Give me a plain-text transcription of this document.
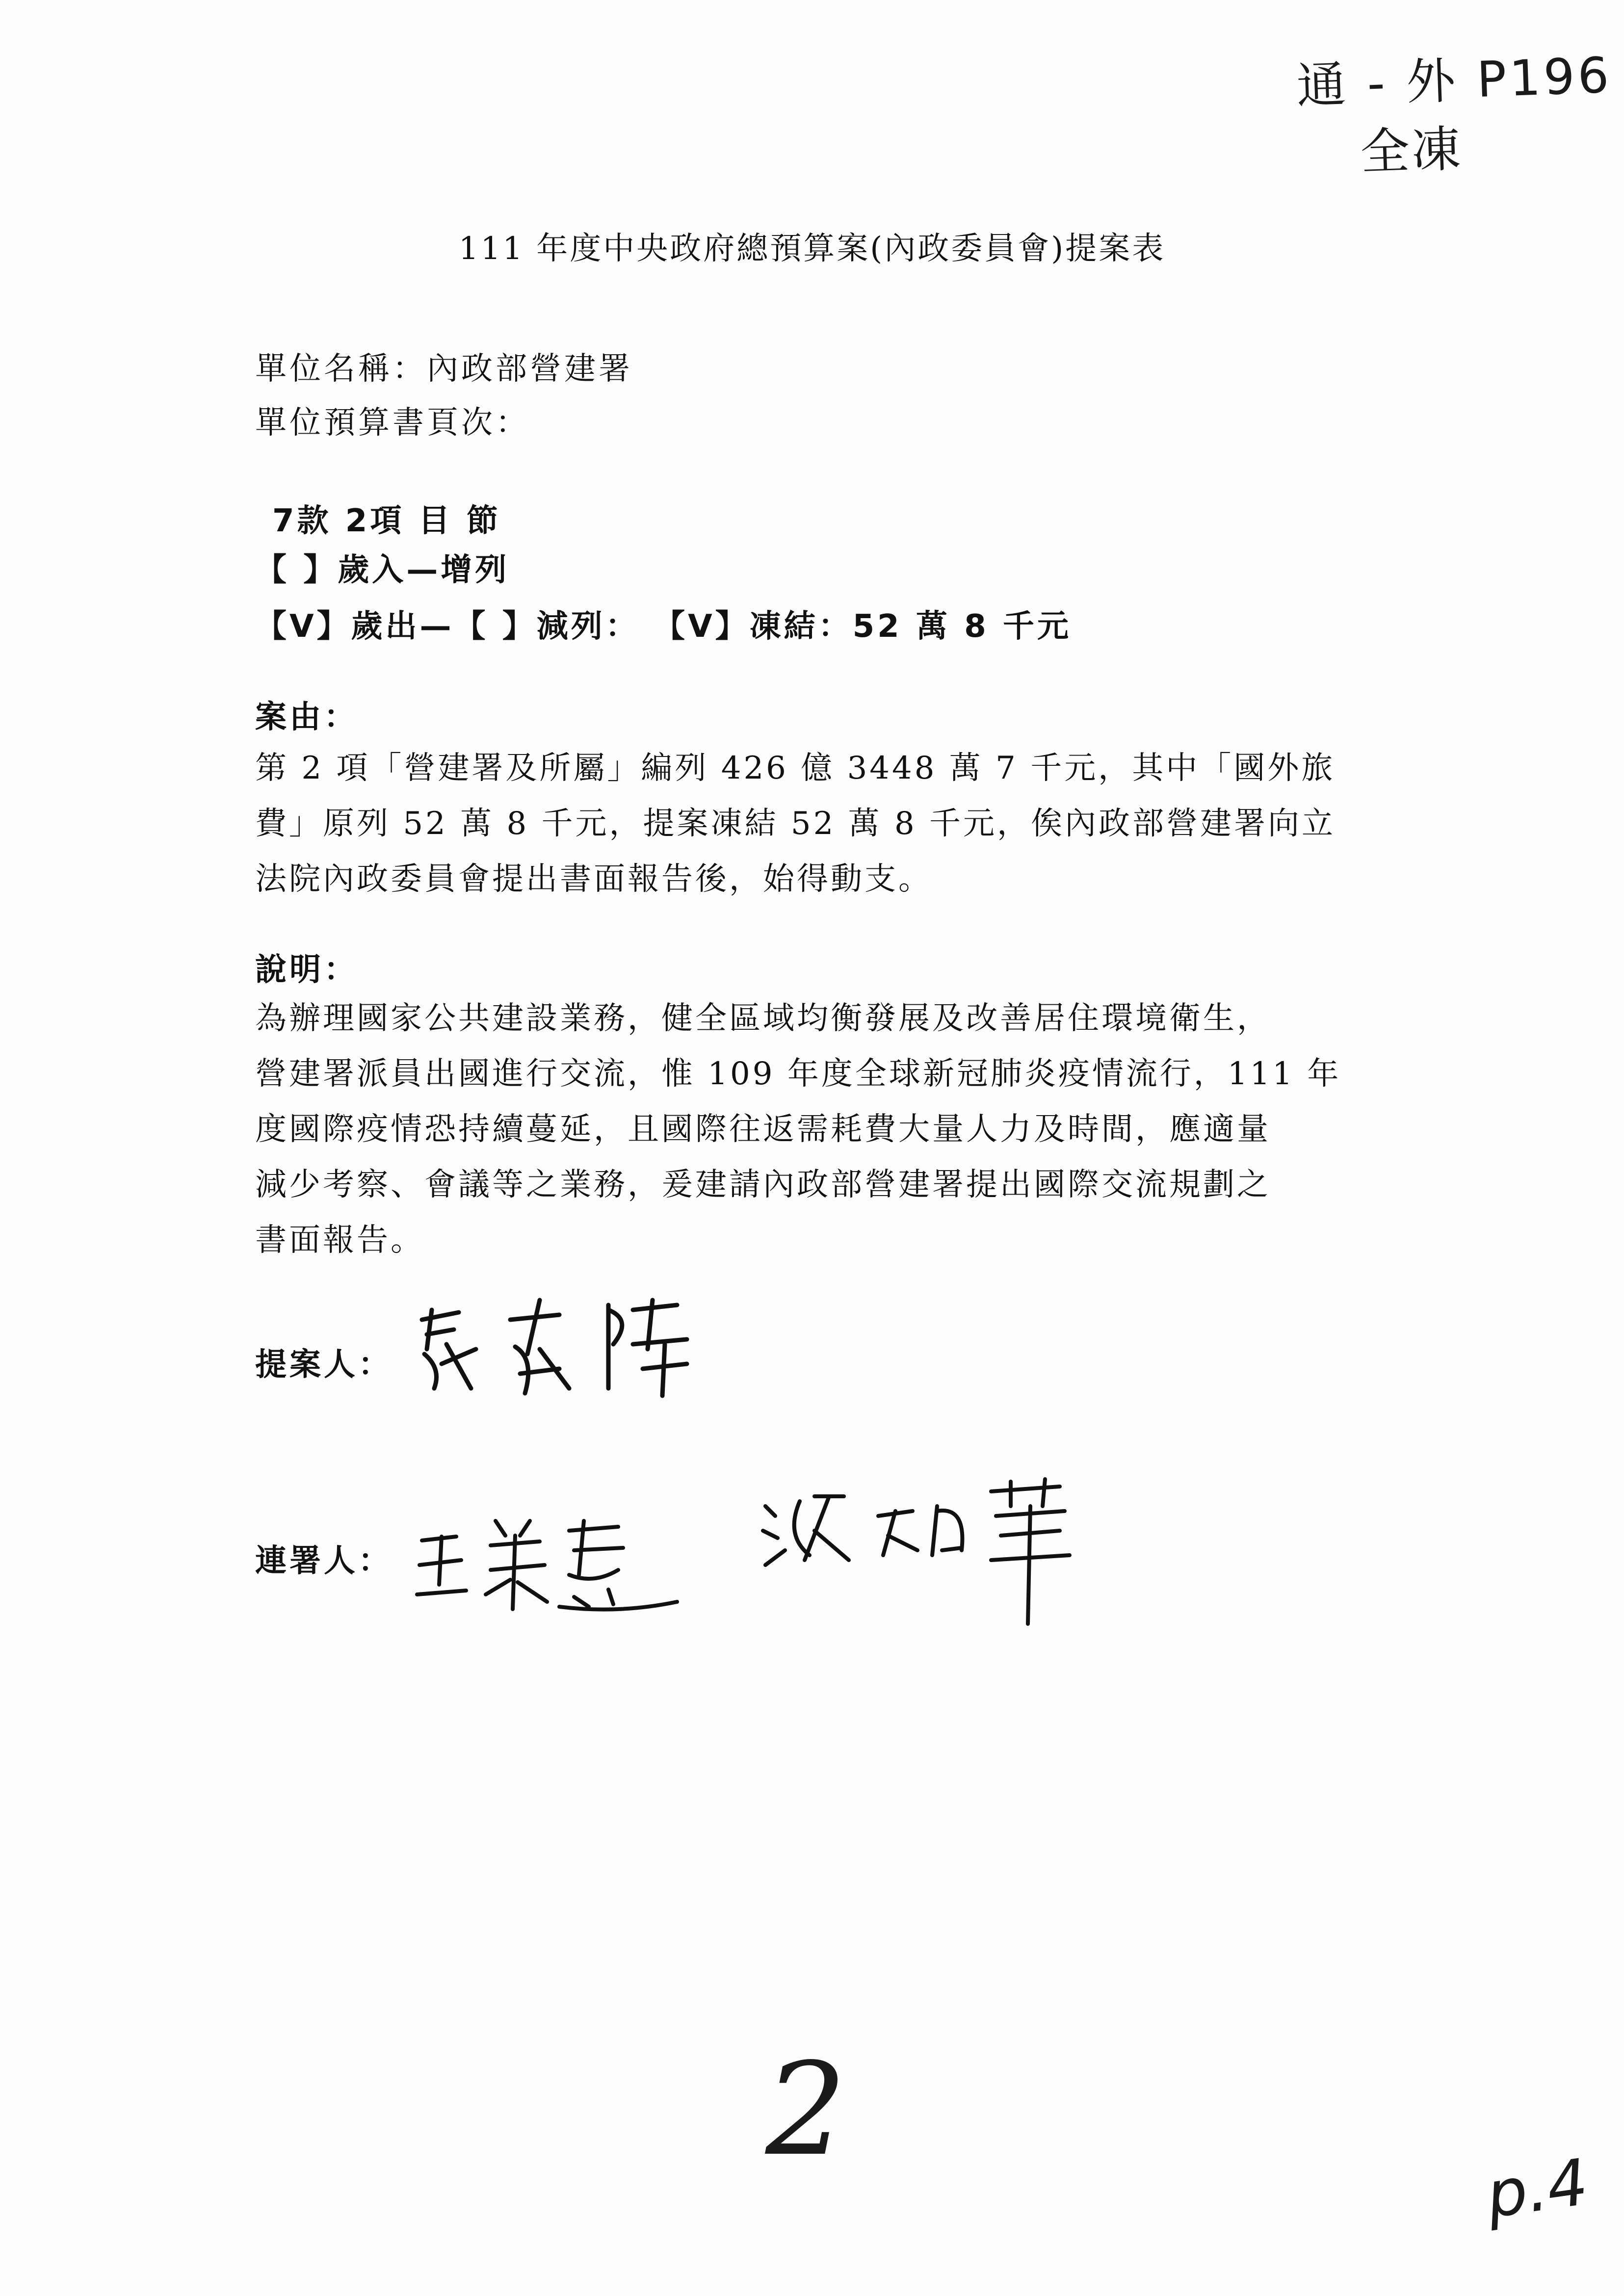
通 - 外 P196
全凍
111 年度中央政府總預算案(內政委員會)提案表
單位名稱：內政部營建署
單位預算書頁次：
7款 2項 目 節
【 】歲入—增列
【V】歲出—【 】減列： 【V】凍結：52 萬 8 千元
案由：
第 2 項「營建署及所屬」編列 426 億 3448 萬 7 千元，其中「國外旅
費」原列 52 萬 8 千元，提案凍結 52 萬 8 千元，俟內政部營建署向立
法院內政委員會提出書面報告後，始得動支。
說明：
為辦理國家公共建設業務，健全區域均衡發展及改善居住環境衛生，
營建署派員出國進行交流，惟 109 年度全球新冠肺炎疫情流行，111 年
度國際疫情恐持續蔓延，且國際往返需耗費大量人力及時間，應適量
減少考察、會議等之業務，爰建請內政部營建署提出國際交流規劃之
書面報告。
提案人：
連署人：
2
p.4
